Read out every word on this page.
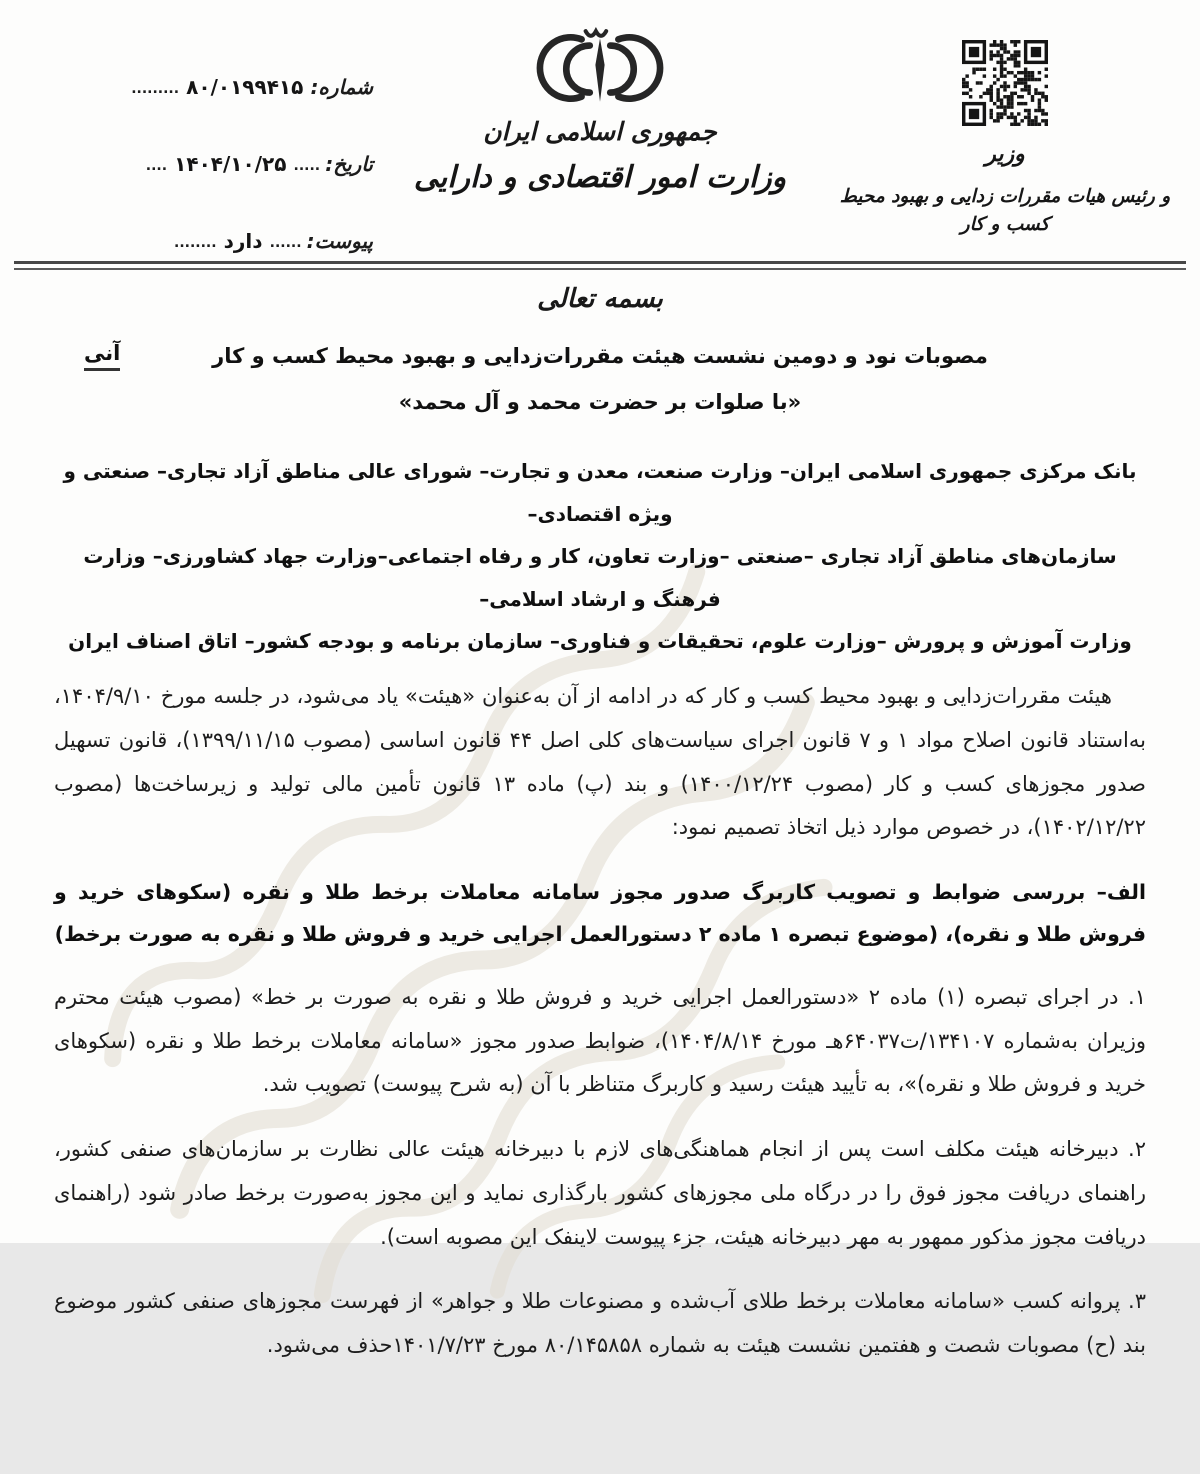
شماره: ۸۰/۰۱۹۹۴۱۵ .........
تاریخ: ..... ۱۴۰۴/۱۰/۲۵ ....
پیوست: ...... دارد ........
جمهوری اسلامی ایران
وزارت امور اقتصادی و دارایی
وزیر
و رئیس هیات مقررات زدایی و بهبود محیط کسب و کار
بسمه تعالی
آنی	مصوبات نود و دومین نشست هیئت مقررات‌زدایی و بهبود محیط کسب و کار
«با صلوات بر حضرت محمد و آل محمد»
بانک مرکزی جمهوری اسلامی ایران– وزارت صنعت، معدن و تجارت– شورای عالی مناطق آزاد تجاری– صنعتی و ویژه اقتصادی–
سازمان‌های مناطق آزاد تجاری –صنعتی –وزارت تعاون، کار و رفاه اجتماعی–وزارت جهاد کشاورزی– وزارت فرهنگ و ارشاد اسلامی–
وزارت آموزش و پرورش –وزارت علوم، تحقیقات و فناوری– سازمان برنامه و بودجه کشور– اتاق اصناف ایران

هیئت مقررات‌زدایی و بهبود محیط کسب و کار که در ادامه از آن به‌عنوان «هیئت» یاد می‌شود، در جلسه مورخ ۱۴۰۴/۹/۱۰، به‌استناد قانون اصلاح مواد ۱ و ۷ قانون اجرای سیاست‌های کلی اصل ۴۴ قانون اساسی (مصوب ۱۳۹۹/۱۱/۱۵)، قانون تسهیل صدور مجوزهای کسب و کار (مصوب ۱۴۰۰/۱۲/۲۴) و بند (پ) ماده ۱۳ قانون تأمین مالی تولید و زیرساخت‌ها (مصوب ۱۴۰۲/۱۲/۲۲)، در خصوص موارد ذیل اتخاذ تصمیم نمود:

الف– بررسی ضوابط و تصویب کاربرگ صدور مجوز سامانه معاملات برخط طلا و نقره (سکوهای خرید و فروش طلا و نقره)، (موضوع تبصره ۱ ماده ۲ دستورالعمل اجرایی خرید و فروش طلا و نقره به صورت برخط)

۱. در اجرای تبصره (۱) ماده ۲ «دستورالعمل اجرایی خرید و فروش طلا و نقره به صورت بر خط» (مصوب هیئت محترم وزیران به‌شماره ۱۳۴۱۰۷/ت۶۴۰۳۷هـ مورخ ۱۴۰۴/۸/۱۴)، ضوابط صدور مجوز «سامانه معاملات برخط طلا و نقره (سکوهای خرید و فروش طلا و نقره)»، به تأیید هیئت رسید و کاربرگ متناظر با آن (به شرح پیوست) تصویب شد.

۲. دبیرخانه هیئت مکلف است پس از انجام هماهنگی‌های لازم با دبیرخانه هیئت عالی نظارت بر سازمان‌های صنفی کشور، راهنمای دریافت مجوز فوق را در درگاه ملی مجوزهای کشور بارگذاری نماید و این مجوز به‌صورت برخط صادر شود (راهنمای دریافت مجوز مذکور ممهور به مهر دبیرخانه هیئت، جزء پیوست لاینفک این مصوبه است).

۳. پروانه کسب «سامانه معاملات برخط طلای آب‌شده و مصنوعات طلا و جواهر» از فهرست مجوزهای صنفی کشور موضوع بند (ح) مصوبات شصت و هفتمین نشست هیئت به شماره ۸۰/۱۴۵۸۵۸ مورخ ۱۴۰۱/۷/۲۳حذف می‌شود.
